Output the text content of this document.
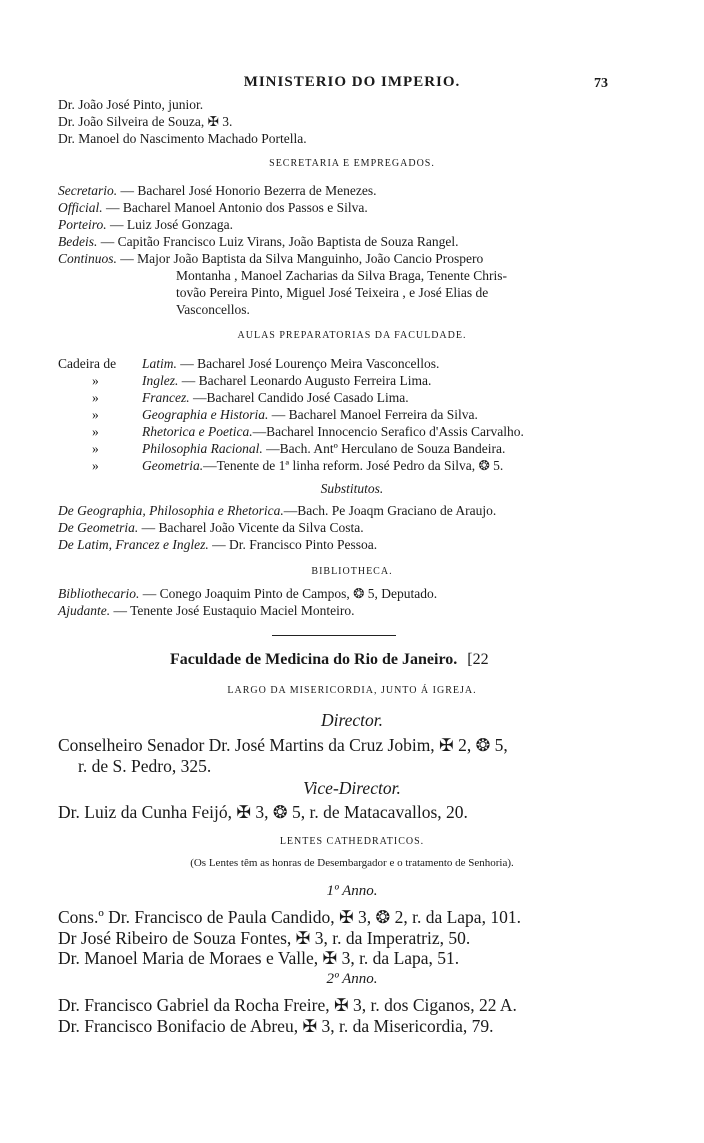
MINISTERIO DO IMPERIO.	73
Dr. João José Pinto, junior.
Dr. João Silveira de Souza, ✠ 3.
Dr. Manoel do Nascimento Machado Portella.
SECRETARIA E EMPREGADOS.
Secretario. — Bacharel José Honorio Bezerra de Menezes.
Official. — Bacharel Manoel Antonio dos Passos e Silva.
Porteiro. — Luiz José Gonzaga.
Bedeis. — Capitão Francisco Luiz Virans, João Baptista de Souza Rangel.
Continuos. — Major João Baptista da Silva Manguinho, João Cancio Prospero
Montanha , Manoel Zacharias da Silva Braga, Tenente Chris-
tovão Pereira Pinto, Miguel José Teixeira , e José Elias de
Vasconcellos.
AULAS PREPARATORIAS DA FACULDADE.
Cadeira de Latim. — Bacharel José Lourenço Meira Vasconcellos.
»	Inglez. — Bacharel Leonardo Augusto Ferreira Lima.
»	Francez. —Bacharel Candido José Casado Lima.
»	Geographia e Historia. — Bacharel Manoel Ferreira da Silva.
»	Rhetorica e Poetica.—Bacharel Innocencio Serafico d'Assis Carvalho.
»	Philosophia Racional. —Bach. Antº Herculano de Souza Bandeira.
»	Geometria.—Tenente de 1ª linha reform. José Pedro da Silva, ❂ 5.
Substitutos.
De Geographia, Philosophia e Rhetorica.—Bach. Pe Joaqm Graciano de Araujo.
De Geometria. — Bacharel João Vicente da Silva Costa.
De Latim, Francez e Inglez. — Dr. Francisco Pinto Pessoa.
BIBLIOTHECA.
Bibliothecario. — Conego Joaquim Pinto de Campos, ❂ 5, Deputado.
Ajudante. — Tenente José Eustaquio Maciel Monteiro.
Faculdade de Medicina do Rio de Janeiro. [22
LARGO DA MISERICORDIA, JUNTO Á IGREJA.
Director.
Conselheiro Senador Dr. José Martins da Cruz Jobim, ✠ 2, ❂ 5,
r. de S. Pedro, 325.
Vice-Director.
Dr. Luiz da Cunha Feijó, ✠ 3, ❂ 5, r. de Matacavallos, 20.
LENTES CATHEDRATICOS.
(Os Lentes têm as honras de Desembargador e o tratamento de Senhoria).
1º Anno.
Cons.º Dr. Francisco de Paula Candido, ✠ 3, ❂ 2, r. da Lapa, 101.
Dr José Ribeiro de Souza Fontes, ✠ 3, r. da Imperatriz, 50.
Dr. Manoel Maria de Moraes e Valle, ✠ 3, r. da Lapa, 51.
2º Anno.
Dr. Francisco Gabriel da Rocha Freire, ✠ 3, r. dos Ciganos, 22 A.
Dr. Francisco Bonifacio de Abreu, ✠ 3, r. da Misericordia, 79.
